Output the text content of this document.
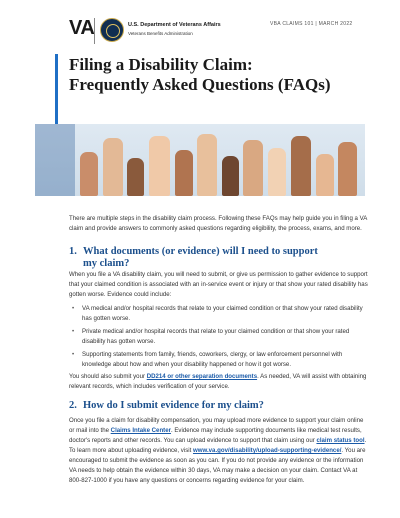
VA	U.S. Department of Veterans Affairs
Veterans Benefits Administration
VBA CLAIMS 101 | MARCH 2022
Filing a Disability Claim:
Frequently Asked Questions (FAQs)
There are multiple steps in the disability claim process. Following these FAQs may help guide you in filing a VA claim and provide answers to commonly asked questions regarding eligibility, the process, exams, and more.
1. What documents (or evidence) will I need to support
my claim?
When you file a VA disability claim, you will need to submit, or give us permission to gather evidence to support that your claimed condition is associated with an in-service event or injury or that show your rated disability has gotten worse. Evidence could include:
• VA medical and/or hospital records that relate to your claimed condition or that show your rated disability has gotten worse.
• Private medical and/or hospital records that relate to your claimed condition or that show your rated disability has gotten worse.
• Supporting statements from family, friends, coworkers, clergy, or law enforcement personnel with knowledge about how and when your disability happened or how it got worse.
You should also submit your DD214 or other separation documents. As needed, VA will assist with obtaining relevant records, which includes verification of your service.
2. How do I submit evidence for my claim?
Once you file a claim for disability compensation, you may upload more evidence to support your claim online or mail into the Claims Intake Center. Evidence may include supporting documents like medical test results, doctor's reports and other records. You can upload evidence to support that claim using our claim status tool. To learn more about uploading evidence, visit www.va.gov/disability/upload-supporting-evidence/. You are encouraged to submit the evidence as soon as you can. If you do not provide any evidence or the information VA needs to help obtain the evidence within 30 days, VA may make a decision on your claim. Contact VA at 800-827-1000 if you have any questions or concerns regarding evidence for your claim.
